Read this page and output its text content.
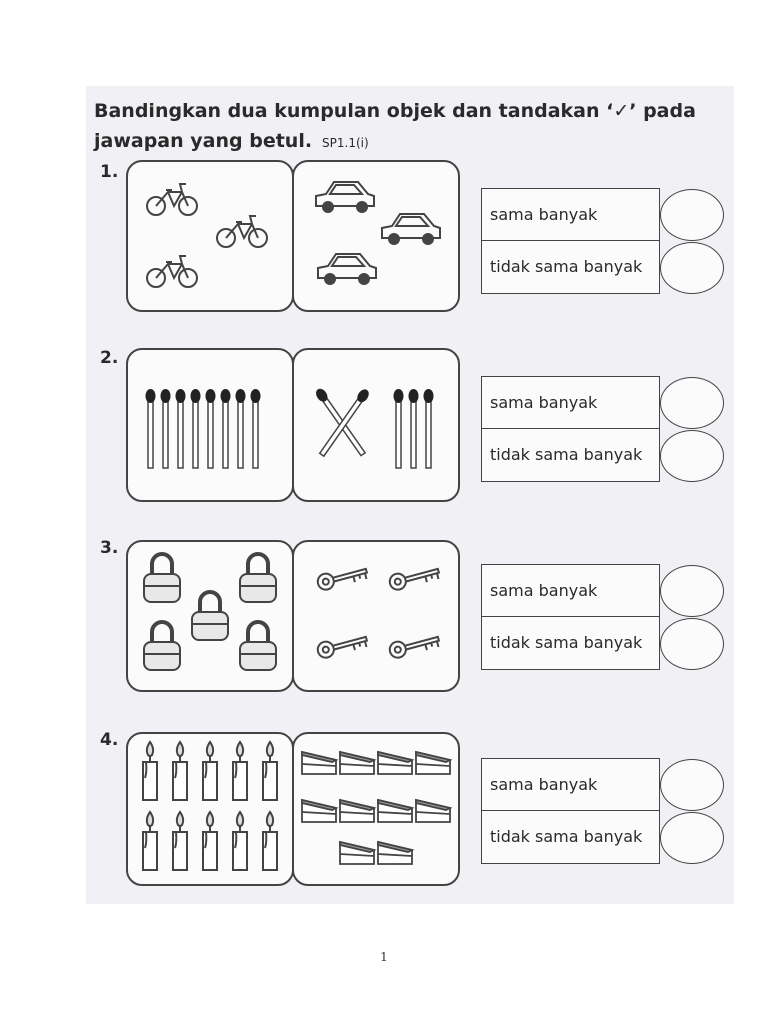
Bandingkan dua kumpulan objek dan tandakan ‘✓’ pada jawapan yang betul. SP1.1(i)
1.
sama banyak
tidak sama banyak
2.
sama banyak
tidak sama banyak
3.
sama banyak
tidak sama banyak
4.
sama banyak
tidak sama banyak
1
